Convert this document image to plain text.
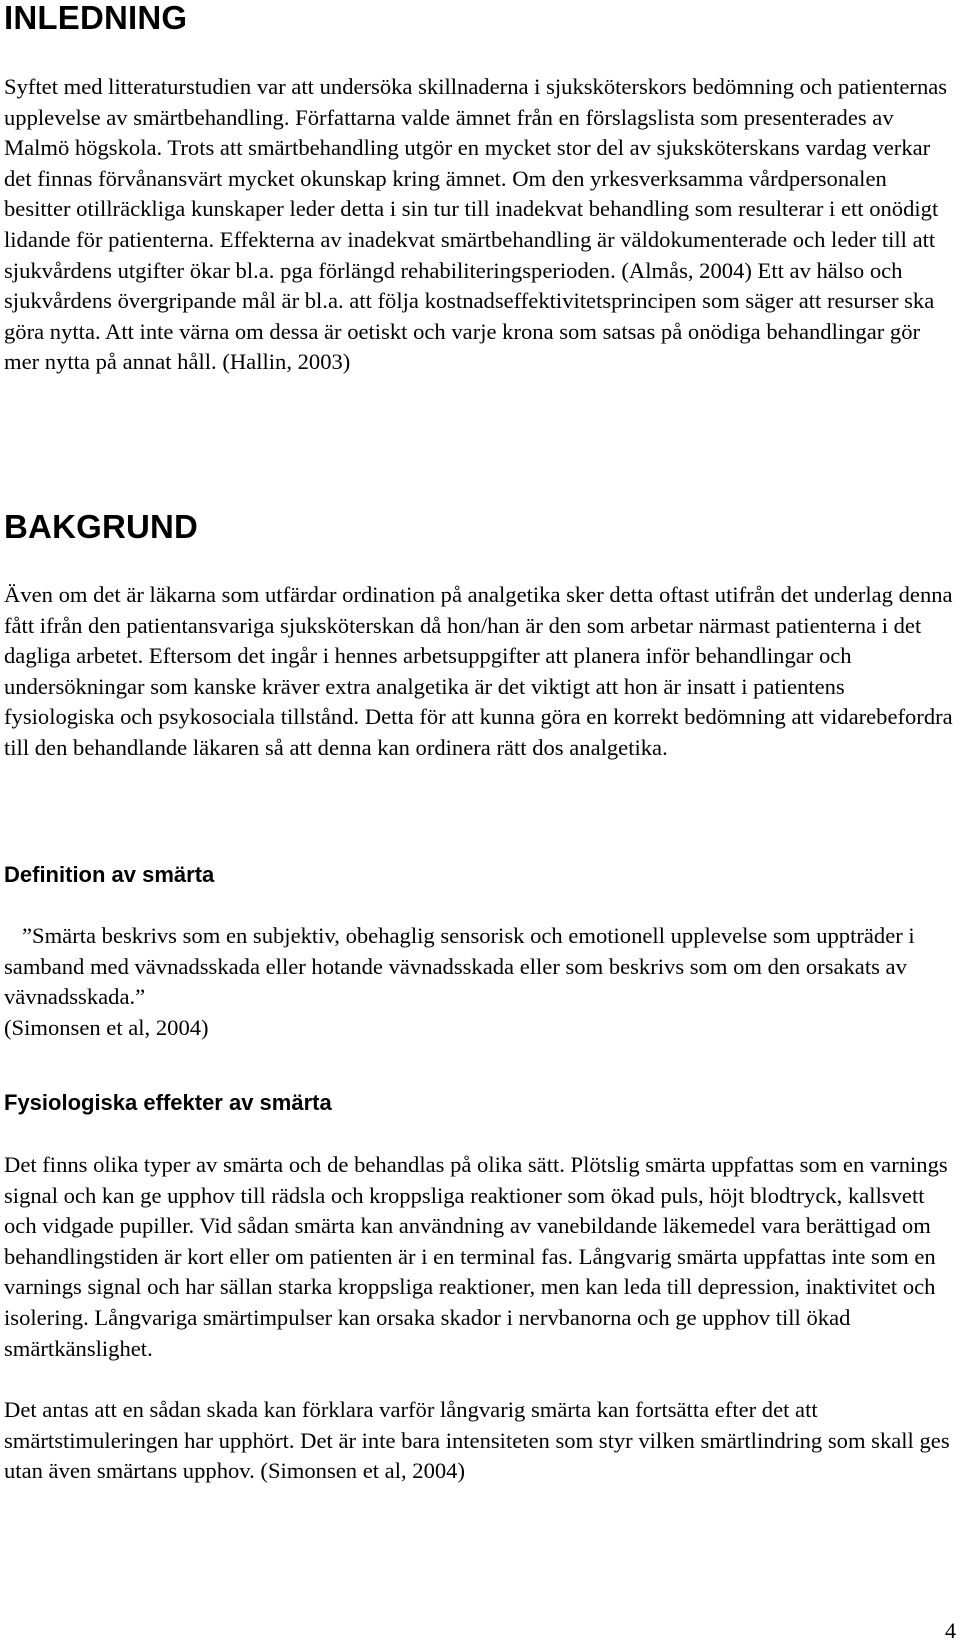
INLEDNING

Syftet med litteraturstudien var att undersöka skillnaderna i sjuksköterskors bedömning och patienternas upplevelse av smärtbehandling. Författarna valde ämnet från en förslagslista som presenterades av Malmö högskola. Trots att smärtbehandling utgör en mycket stor del av sjuksköterskans vardag verkar det finnas förvånansvärt mycket okunskap kring ämnet. Om den yrkesverksamma vårdpersonalen besitter otillräckliga kunskaper leder detta i sin tur till inadekvat behandling som resulterar i ett onödigt lidande för patienterna. Effekterna av inadekvat smärtbehandling är väldokumenterade och leder till att sjukvårdens utgifter ökar bl.a. pga förlängd rehabiliteringsperioden. (Almås, 2004) Ett av hälso och sjukvårdens övergripande mål är bl.a. att följa kostnadseffektivitetsprincipen som säger att resurser ska göra nytta. Att inte värna om dessa är oetiskt och varje krona som satsas på onödiga behandlingar gör mer nytta på annat håll. (Hallin, 2003)

BAKGRUND

Även om det är läkarna som utfärdar ordination på analgetika sker detta oftast utifrån det underlag denna fått ifrån den patientansvariga sjuksköterskan då hon/han är den som arbetar närmast patienterna i det dagliga arbetet. Eftersom det ingår i hennes arbetsuppgifter att planera inför behandlingar och undersökningar som kanske kräver extra analgetika är det viktigt att hon är insatt i patientens fysiologiska och psykosociala tillstånd. Detta för att kunna göra en korrekt bedömning att vidarebefordra till den behandlande läkaren så att denna kan ordinera rätt dos analgetika.

Definition av smärta

”Smärta beskrivs som en subjektiv, obehaglig sensorisk och emotionell upplevelse som uppträder i samband med vävnadsskada eller hotande vävnadsskada eller som beskrivs som om den orsakats av vävnadsskada.”

(Simonsen et al, 2004)

Fysiologiska effekter av smärta

Det finns olika typer av smärta och de behandlas på olika sätt. Plötslig smärta uppfattas som en varnings signal och kan ge upphov till rädsla och kroppsliga reaktioner som ökad puls, höjt blodtryck, kallsvett och vidgade pupiller. Vid sådan smärta kan användning av vanebildande läkemedel vara berättigad om behandlingstiden är kort eller om patienten är i en terminal fas. Långvarig smärta uppfattas inte som en varnings signal och har sällan starka kroppsliga reaktioner, men kan leda till depression, inaktivitet och isolering. Långvariga smärtimpulser kan orsaka skador i nervbanorna och ge upphov till ökad smärtkänslighet.

Det antas att en sådan skada kan förklara varför långvarig smärta kan fortsätta efter det att smärtstimuleringen har upphört. Det är inte bara intensiteten som styr vilken smärtlindring som skall ges utan även smärtans upphov. (Simonsen et al, 2004)

4
